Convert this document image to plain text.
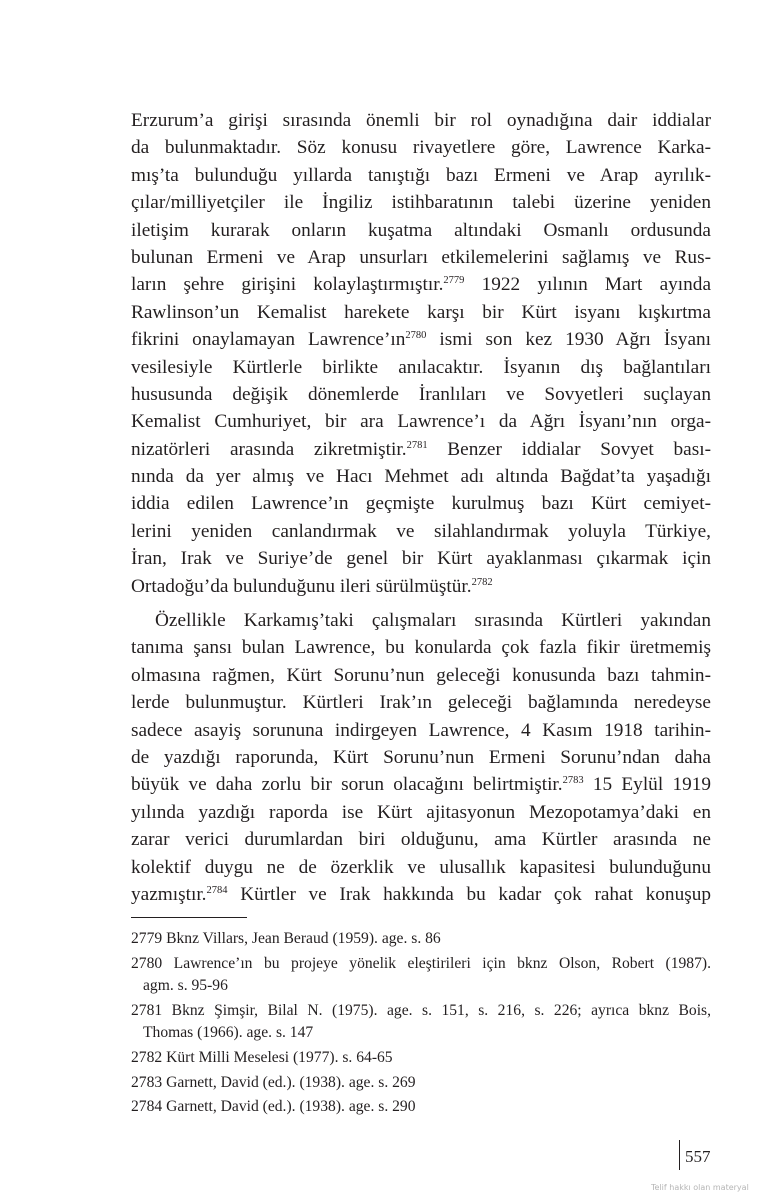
Erzurum’a girişi sırasında önemli bir rol oynadığına dair iddialar
da bulunmaktadır. Söz konusu rivayetlere göre, Lawrence Karka-
mış’ta bulunduğu yıllarda tanıştığı bazı Ermeni ve Arap ayrılık-
çılar/milliyetçiler ile İngiliz istihbaratının talebi üzerine yeniden
iletişim kurarak onların kuşatma altındaki Osmanlı ordusunda
bulunan Ermeni ve Arap unsurları etkilemelerini sağlamış ve Rus-
ların şehre girişini kolaylaştırmıştır.$^{2779}$ 1922 yılının Mart ayında
Rawlinson’un Kemalist harekete karşı bir Kürt isyanı kışkırtma
fikrini onaylamayan $Lawrence’ın^{2780}$ ismi son kez 1930 Ağrı İsyanı
vesilesiyle Kürtlerle birlikte anılacaktır. İsyanın dış bağlantıları
hususunda değişik dönemlerde İranlıları ve Sovyetleri suçlayan
Kemalist Cumhuriyet, bir ara Lawrence’ı da Ağrı İsyanı’nın orga-
nizatörleri arasında zikretmiştir.$^{2781}$ Benzer iddialar Sovyet bası-
nında da yer almış ve Hacı Mehmet adı altında Bağdat’ta yaşadığı
iddia edilen Lawrence’ın geçmişte kurulmuş bazı Kürt cemiyet-
lerini yeniden canlandırmak ve silahlandırmak yoluyla Türkiye,
İran, Irak ve Suriye’de genel bir Kürt ayaklanması çıkarmak için
Ortadoğu’da bulunduğunu ileri sürülmüştür.$^{2782}$
Özellikle Karkamış’taki çalışmaları sırasında Kürtleri yakından
tanıma şansı bulan Lawrence, bu konularda çok fazla fikir üretmemiş
olmasına rağmen, Kürt Sorunu’nun geleceği konusunda bazı tahmin-
lerde bulunmuştur. Kürtleri Irak’ın geleceği bağlamında neredeyse
sadece asayiş sorununa indirgeyen Lawrence, 4 Kasım 1918 tarihin-
de yazdığı raporunda, Kürt Sorunu’nun Ermeni Sorunu’ndan daha
büyük ve daha zorlu bir sorun olacağını belirtmiştir.$^{2783}$ 15 Eylül 1919
yılında yazdığı raporda ise Kürt ajitasyonun Mezopotamya’daki en
zarar verici durumlardan biri olduğunu, ama Kürtler arasında ne
kolektif duygu ne de özerklik ve ulusallık kapasitesi bulunduğunu
yazmıştır.$^{2784}$ Kürtler ve Irak hakkında bu kadar çok rahat konuşup
2779 Bknz Villars, Jean Beraud (1959). age. s. 86
2780 Lawrence’ın bu projeye yönelik eleştirileri için bknz Olson, Robert (1987).
agm. s. 95-96
2781 Bknz Şimşir, Bilal N. (1975). age. s. 151, s. 216, s. 226; ayrıca bknz Bois,
Thomas (1966). age. s. 147
2782 Kürt Milli Meselesi (1977). s. 64-65
2783 Garnett, David (ed.). (1938). age. s. 269
2784 Garnett, David (ed.). (1938). age. s. 290
557
Telif hakkı olan materyal
